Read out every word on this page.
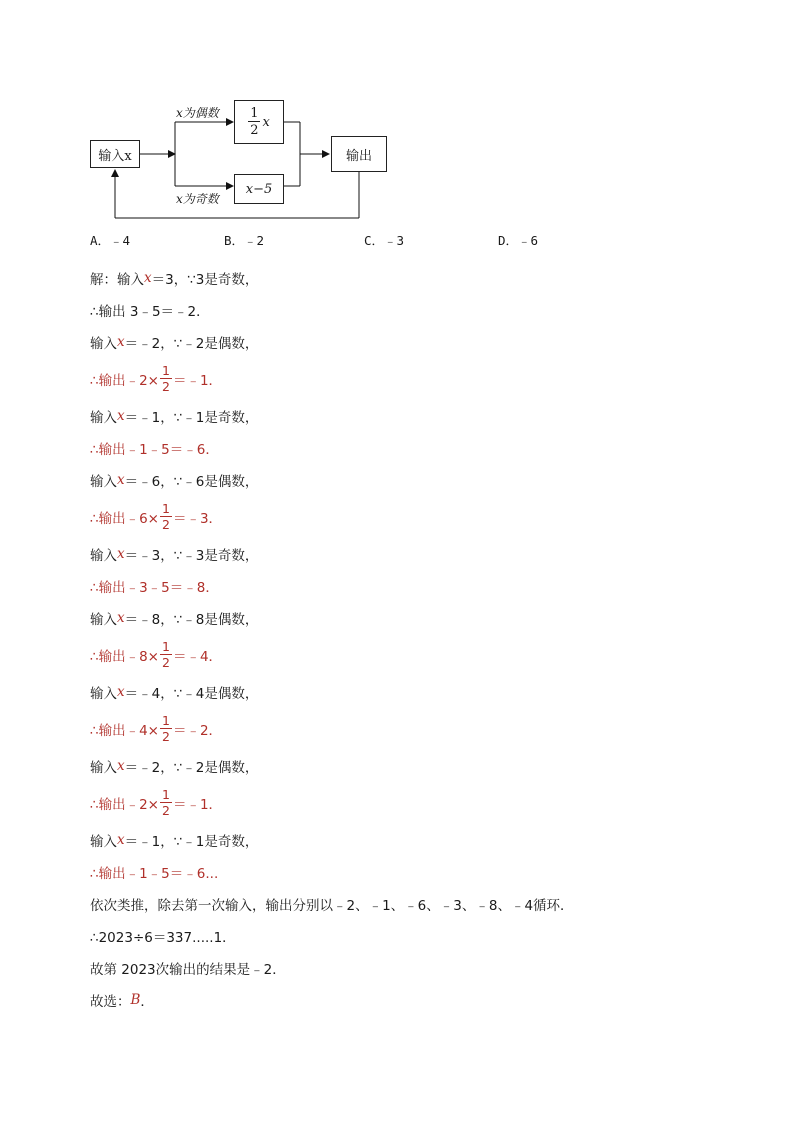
输入x
x为偶数
x为奇数
$\frac{1}{2}$ x
x−5
输出
A．﹣4	B．﹣2	C．﹣3	D．﹣6
解：输入 x ＝3，∵3是奇数，
∴输出 3﹣5＝﹣2．
输入 x ＝﹣2，∵﹣2是偶数，
∴输出﹣2× $\frac{1}{2}$ ＝﹣1．
输入 x ＝﹣1，∵﹣1是奇数，
∴输出﹣1﹣5＝﹣6．
输入 x ＝﹣6，∵﹣6是偶数，
∴输出﹣6× $\frac{1}{2}$ ＝﹣3．
输入 x ＝﹣3，∵﹣3是奇数，
∴输出﹣3﹣5＝﹣8．
输入 x ＝﹣8，∵﹣8是偶数，
∴输出﹣8× $\frac{1}{2}$ ＝﹣4．
输入 x ＝﹣4，∵﹣4是偶数，
∴输出﹣4× $\frac{1}{2}$ ＝﹣2．
输入 x ＝﹣2，∵﹣2是偶数，
∴输出﹣2× $\frac{1}{2}$ ＝﹣1．
输入 x ＝﹣1，∵﹣1是奇数，
∴输出﹣1﹣5＝﹣6...
依次类推，除去第一次输入，输出分别以﹣2、﹣1、﹣6、﹣3、﹣8、﹣4循环．
∴2023÷6＝337.....1．
故第 2023次输出的结果是﹣2．
故选： B ．
